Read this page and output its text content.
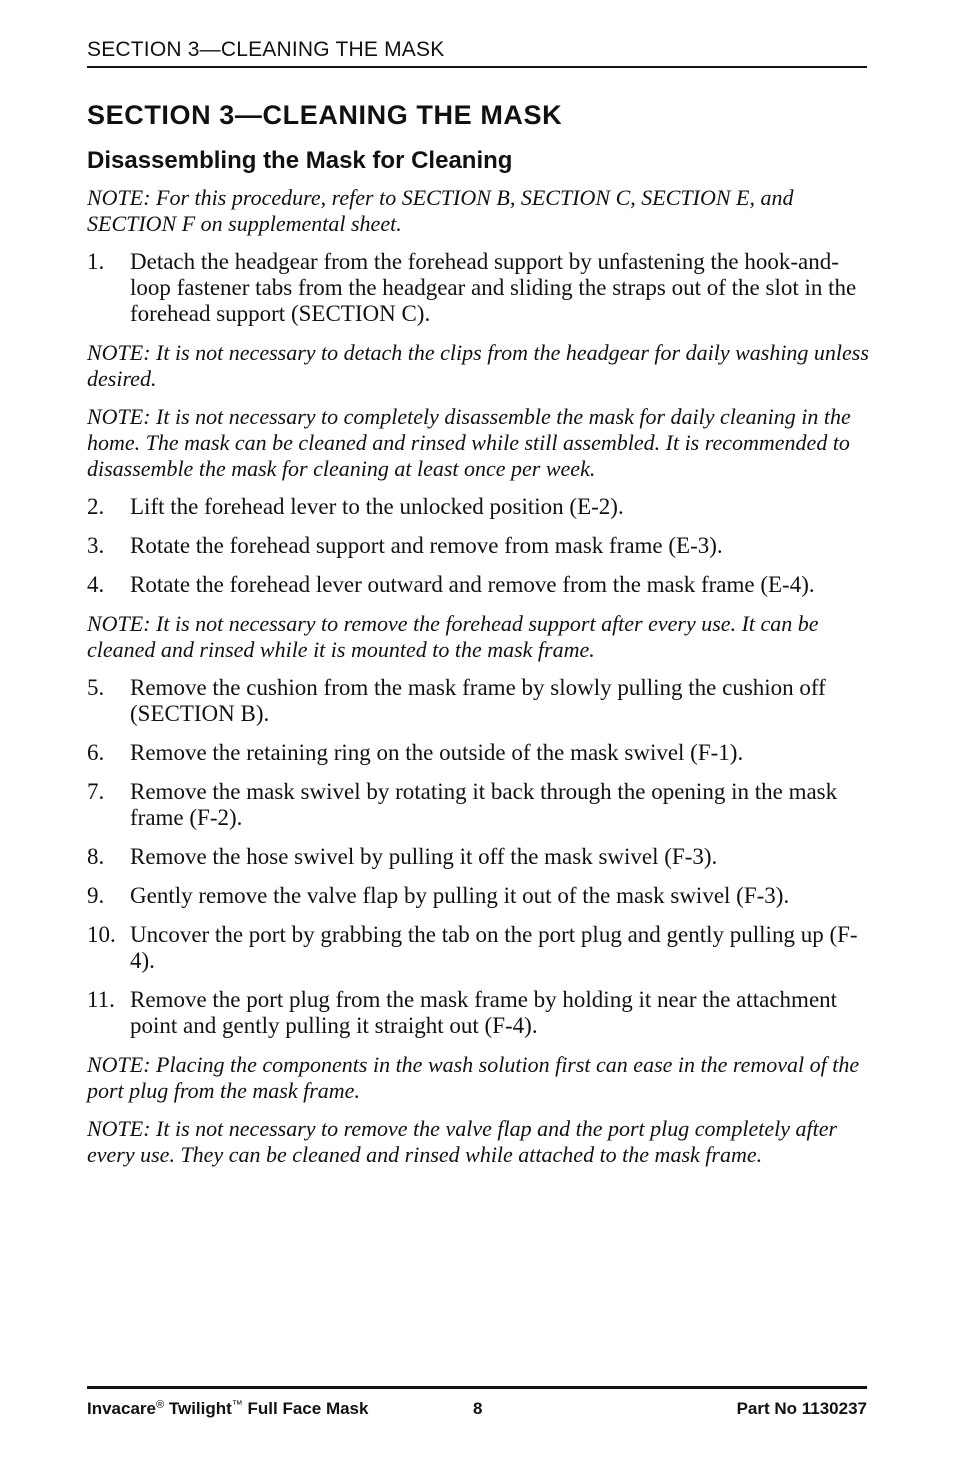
SECTION 3—CLEANING THE MASK
SECTION 3—CLEANING THE MASK
Disassembling the Mask for Cleaning
NOTE: For this procedure, refer to SECTION B, SECTION C, SECTION E, and SECTION F on supplemental sheet.
1.	Detach the headgear from the forehead support by unfastening the hook-and-loop fastener tabs from the headgear and sliding the straps out of the slot in the forehead support (SECTION C).
NOTE: It is not necessary to detach the clips from the headgear for daily washing unless desired.
NOTE: It is not necessary to completely disassemble the mask for daily cleaning in the home. The mask can be cleaned and rinsed while still assembled. It is recommended to disassemble the mask for cleaning at least once per week.
2.	Lift the forehead lever to the unlocked position (E-2).
3.	Rotate the forehead support and remove from mask frame (E-3).
4.	Rotate the forehead lever outward and remove from the mask frame (E-4).
NOTE: It is not necessary to remove the forehead support after every use. It can be cleaned and rinsed while it is mounted to the mask frame.
5.	Remove the cushion from the mask frame by slowly pulling the cushion off (SECTION B).
6.	Remove the retaining ring on the outside of the mask swivel (F-1).
7.	Remove the mask swivel by rotating it back through the opening in the mask frame (F-2).
8.	Remove the hose swivel by pulling it off the mask swivel (F-3).
9.	Gently remove the valve flap by pulling it out of the mask swivel (F-3).
10. Uncover the port by grabbing the tab on the port plug and gently pulling up (F-4).
11. Remove the port plug from the mask frame by holding it near the attachment point and gently pulling it straight out (F-4).
NOTE: Placing the components in the wash solution first can ease in the removal of the port plug from the mask frame.
NOTE: It is not necessary to remove the valve flap and the port plug completely after every use. They can be cleaned and rinsed while attached to the mask frame.
Invacare® Twilight™ Full Face Mask	8	Part No 1130237
